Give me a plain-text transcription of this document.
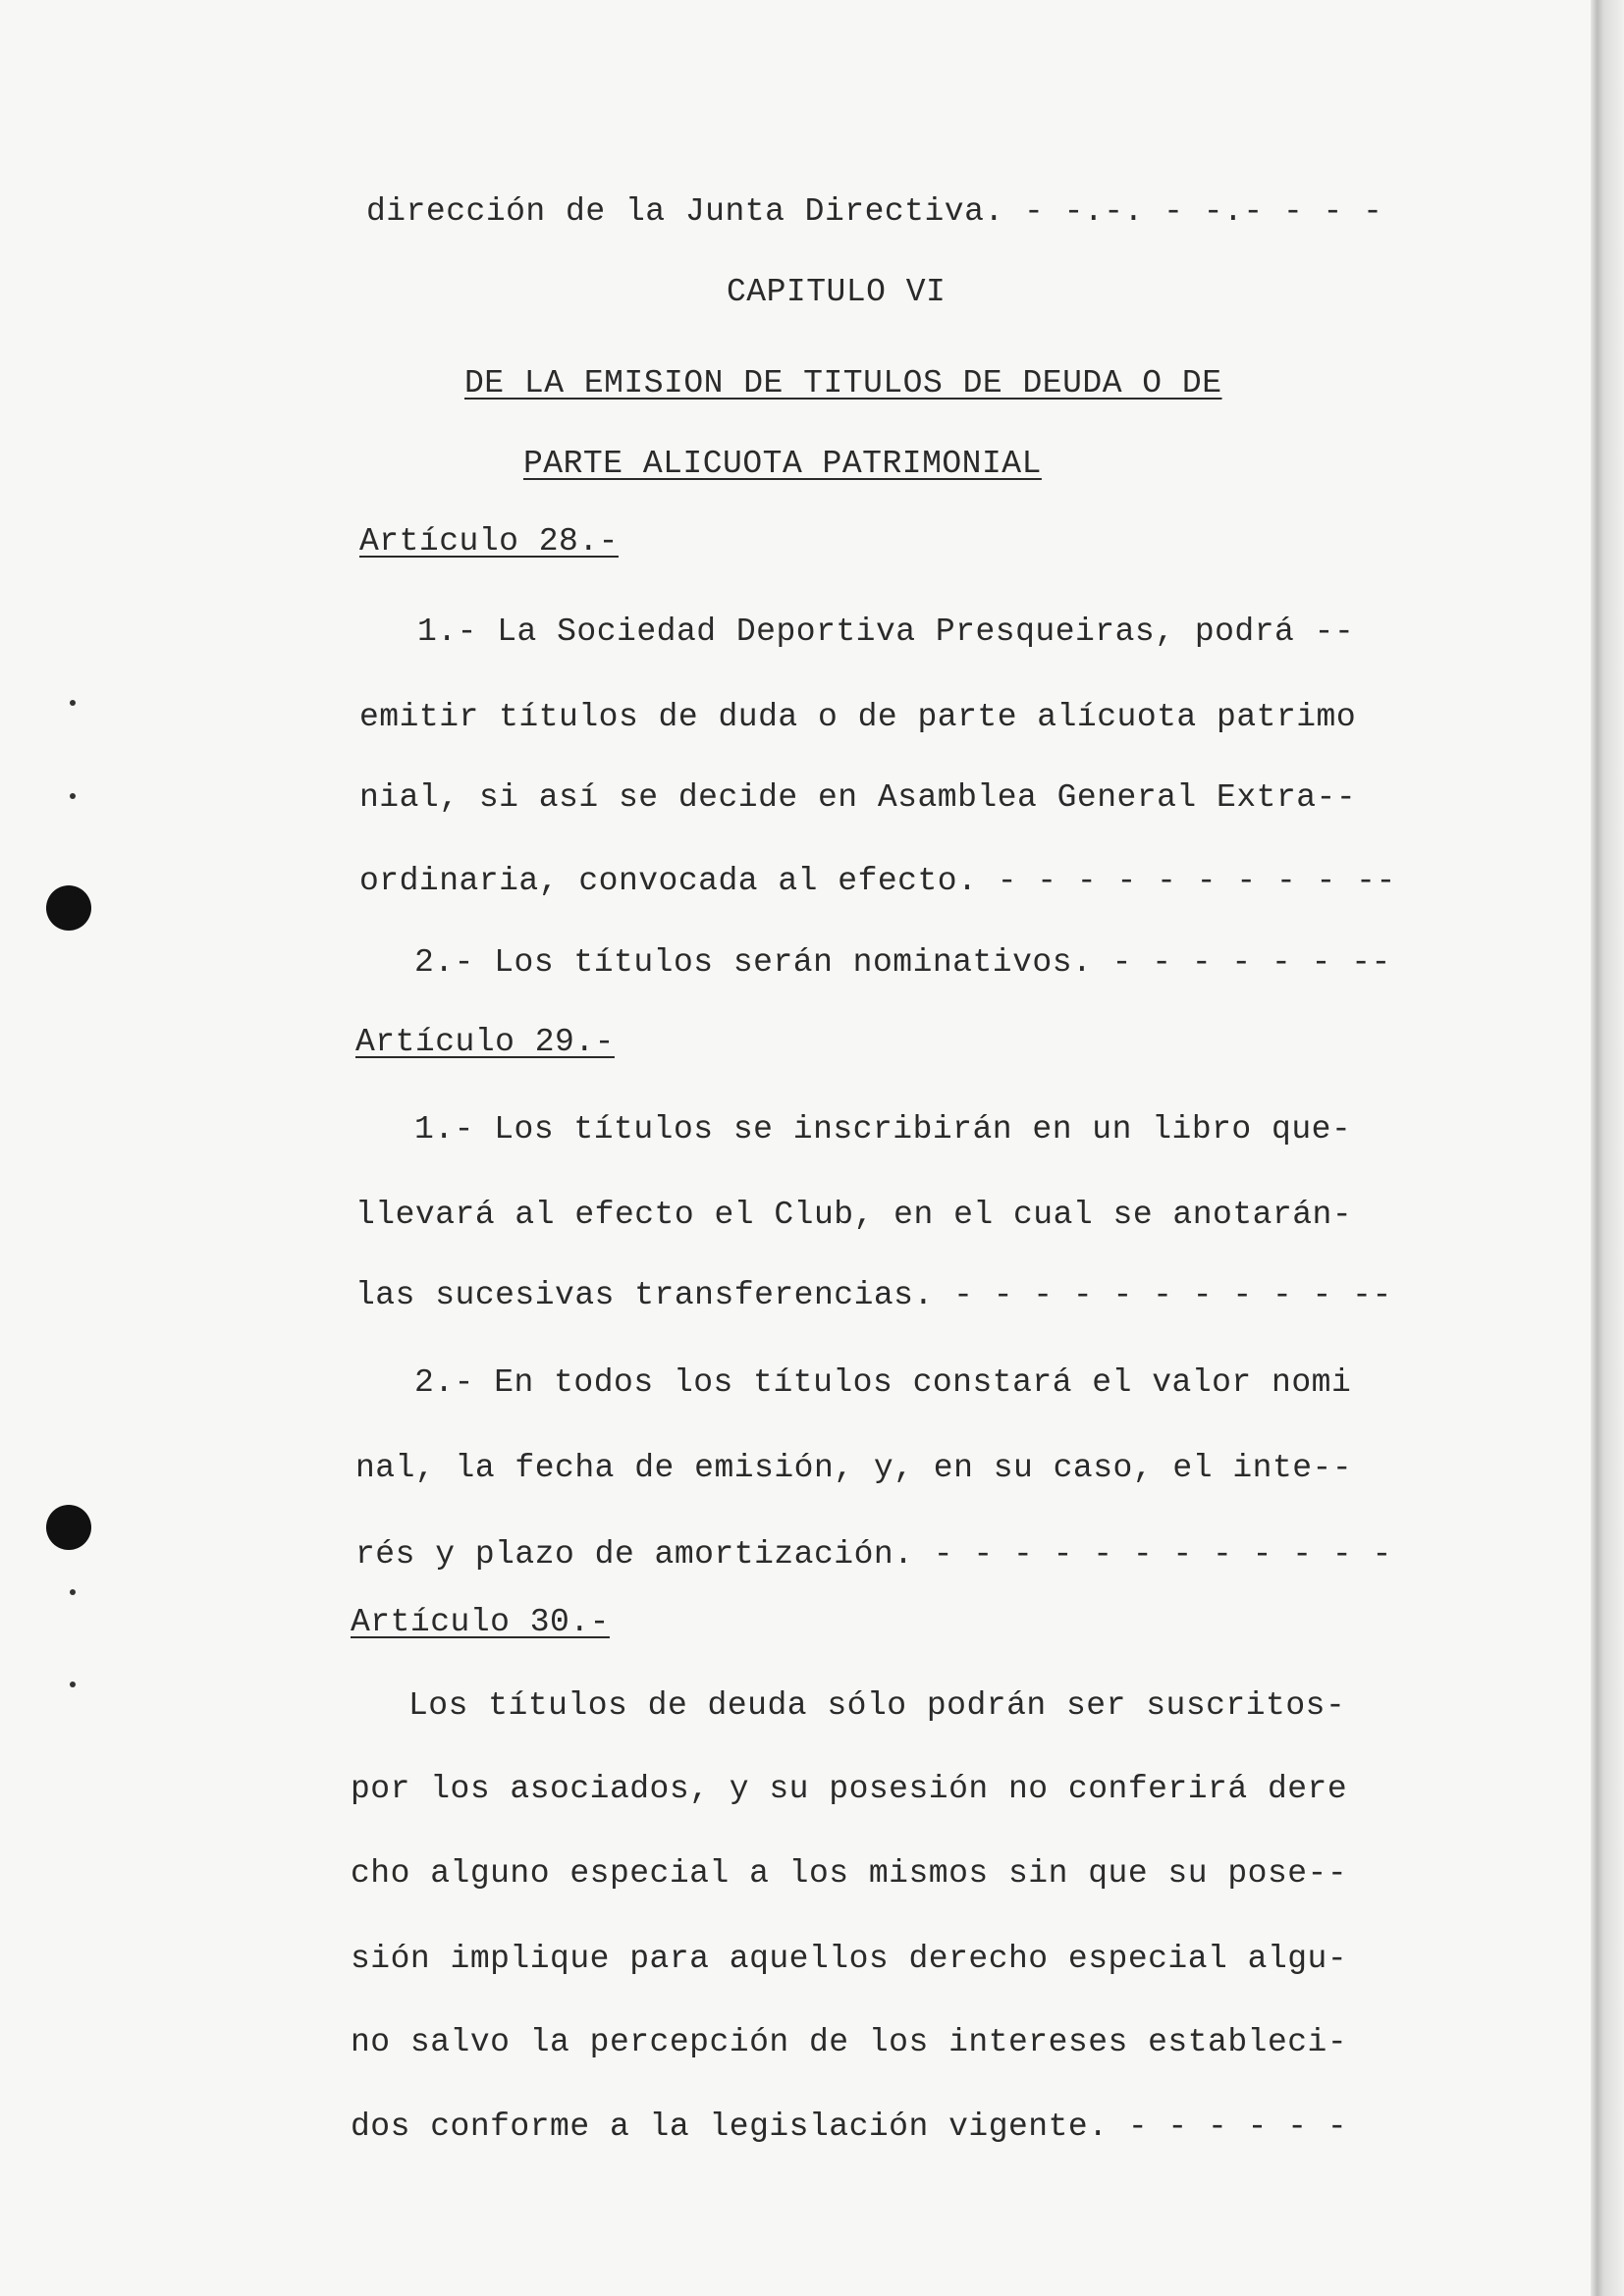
dirección de la Junta Directiva. - -.-. - -.- - - -
CAPITULO VI
DE LA EMISION DE TITULOS DE DEUDA O DE
PARTE ALICUOTA PATRIMONIAL
Artículo 28.-
1.- La Sociedad Deportiva Presqueiras, podrá --
emitir títulos de duda o de parte alícuota patrimo
nial, si así se decide en Asamblea General Extra--
ordinaria, convocada al efecto. - - - - - - - - - --
2.- Los títulos serán nominativos. - - - - - - --
Artículo 29.-
1.- Los títulos se inscribirán en un libro que-
llevará al efecto el Club, en el cual se anotarán-
las sucesivas transferencias. - - - - - - - - - - --
2.- En todos los títulos constará el valor nomi
nal, la fecha de emisión, y, en su caso, el inte--
rés y plazo de amortización. - - - - - - - - - - - -
Artículo 30.-
Los títulos de deuda sólo podrán ser suscritos-
por los asociados, y su posesión no conferirá dere
cho alguno especial a los mismos sin que su pose--
sión implique para aquellos derecho especial algu-
no salvo la percepción de los intereses estableci-
dos conforme a la legislación vigente. - - - - - -
